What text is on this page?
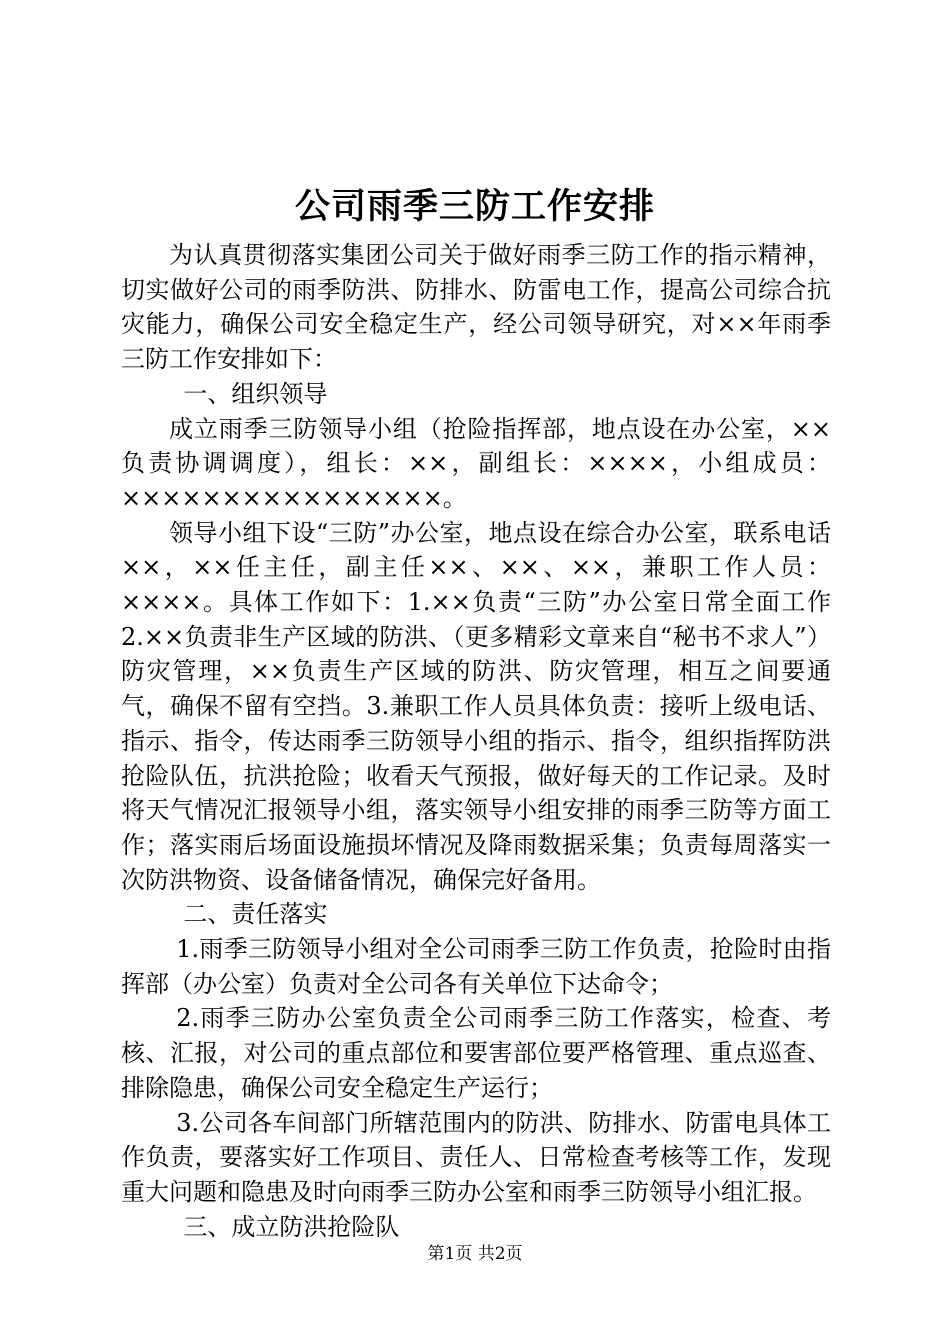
公司雨季三防工作安排

为认真贯彻落实集团公司关于做好雨季三防工作的指示精神，切实做好公司的雨季防洪、防排水、防雷电工作，提高公司综合抗灾能力，确保公司安全稳定生产，经公司领导研究，对××年雨季三防工作安排如下：

一、组织领导

成立雨季三防领导小组（抢险指挥部，地点设在办公室，××负责协调调度），组长：××，副组长：××××，小组成员：××××××××××××××××。

领导小组下设“三防”办公室，地点设在综合办公室，联系电话××，××任主任，副主任××、××、××，兼职工作人员：××××。具体工作如下：1.××负责“三防”办公室日常全面工作 2.××负责非生产区域的防洪、（更多精彩文章来自“秘书不求人”）防灾管理，××负责生产区域的防洪、防灾管理，相互之间要通气，确保不留有空挡。3.兼职工作人员具体负责：接听上级电话、指示、指令，传达雨季三防领导小组的指示、指令，组织指挥防洪抢险队伍，抗洪抢险；收看天气预报，做好每天的工作记录。及时将天气情况汇报领导小组，落实领导小组安排的雨季三防等方面工作；落实雨后场面设施损坏情况及降雨数据采集；负责每周落实一次防洪物资、设备储备情况，确保完好备用。

二、责任落实

1.雨季三防领导小组对全公司雨季三防工作负责，抢险时由指挥部（办公室）负责对全公司各有关单位下达命令；

2.雨季三防办公室负责全公司雨季三防工作落实，检查、考核、汇报，对公司的重点部位和要害部位要严格管理、重点巡查、排除隐患，确保公司安全稳定生产运行；

3.公司各车间部门所辖范围内的防洪、防排水、防雷电具体工作负责，要落实好工作项目、责任人、日常检查考核等工作，发现重大问题和隐患及时向雨季三防办公室和雨季三防领导小组汇报。

三、成立防洪抢险队

第1页 共2页
